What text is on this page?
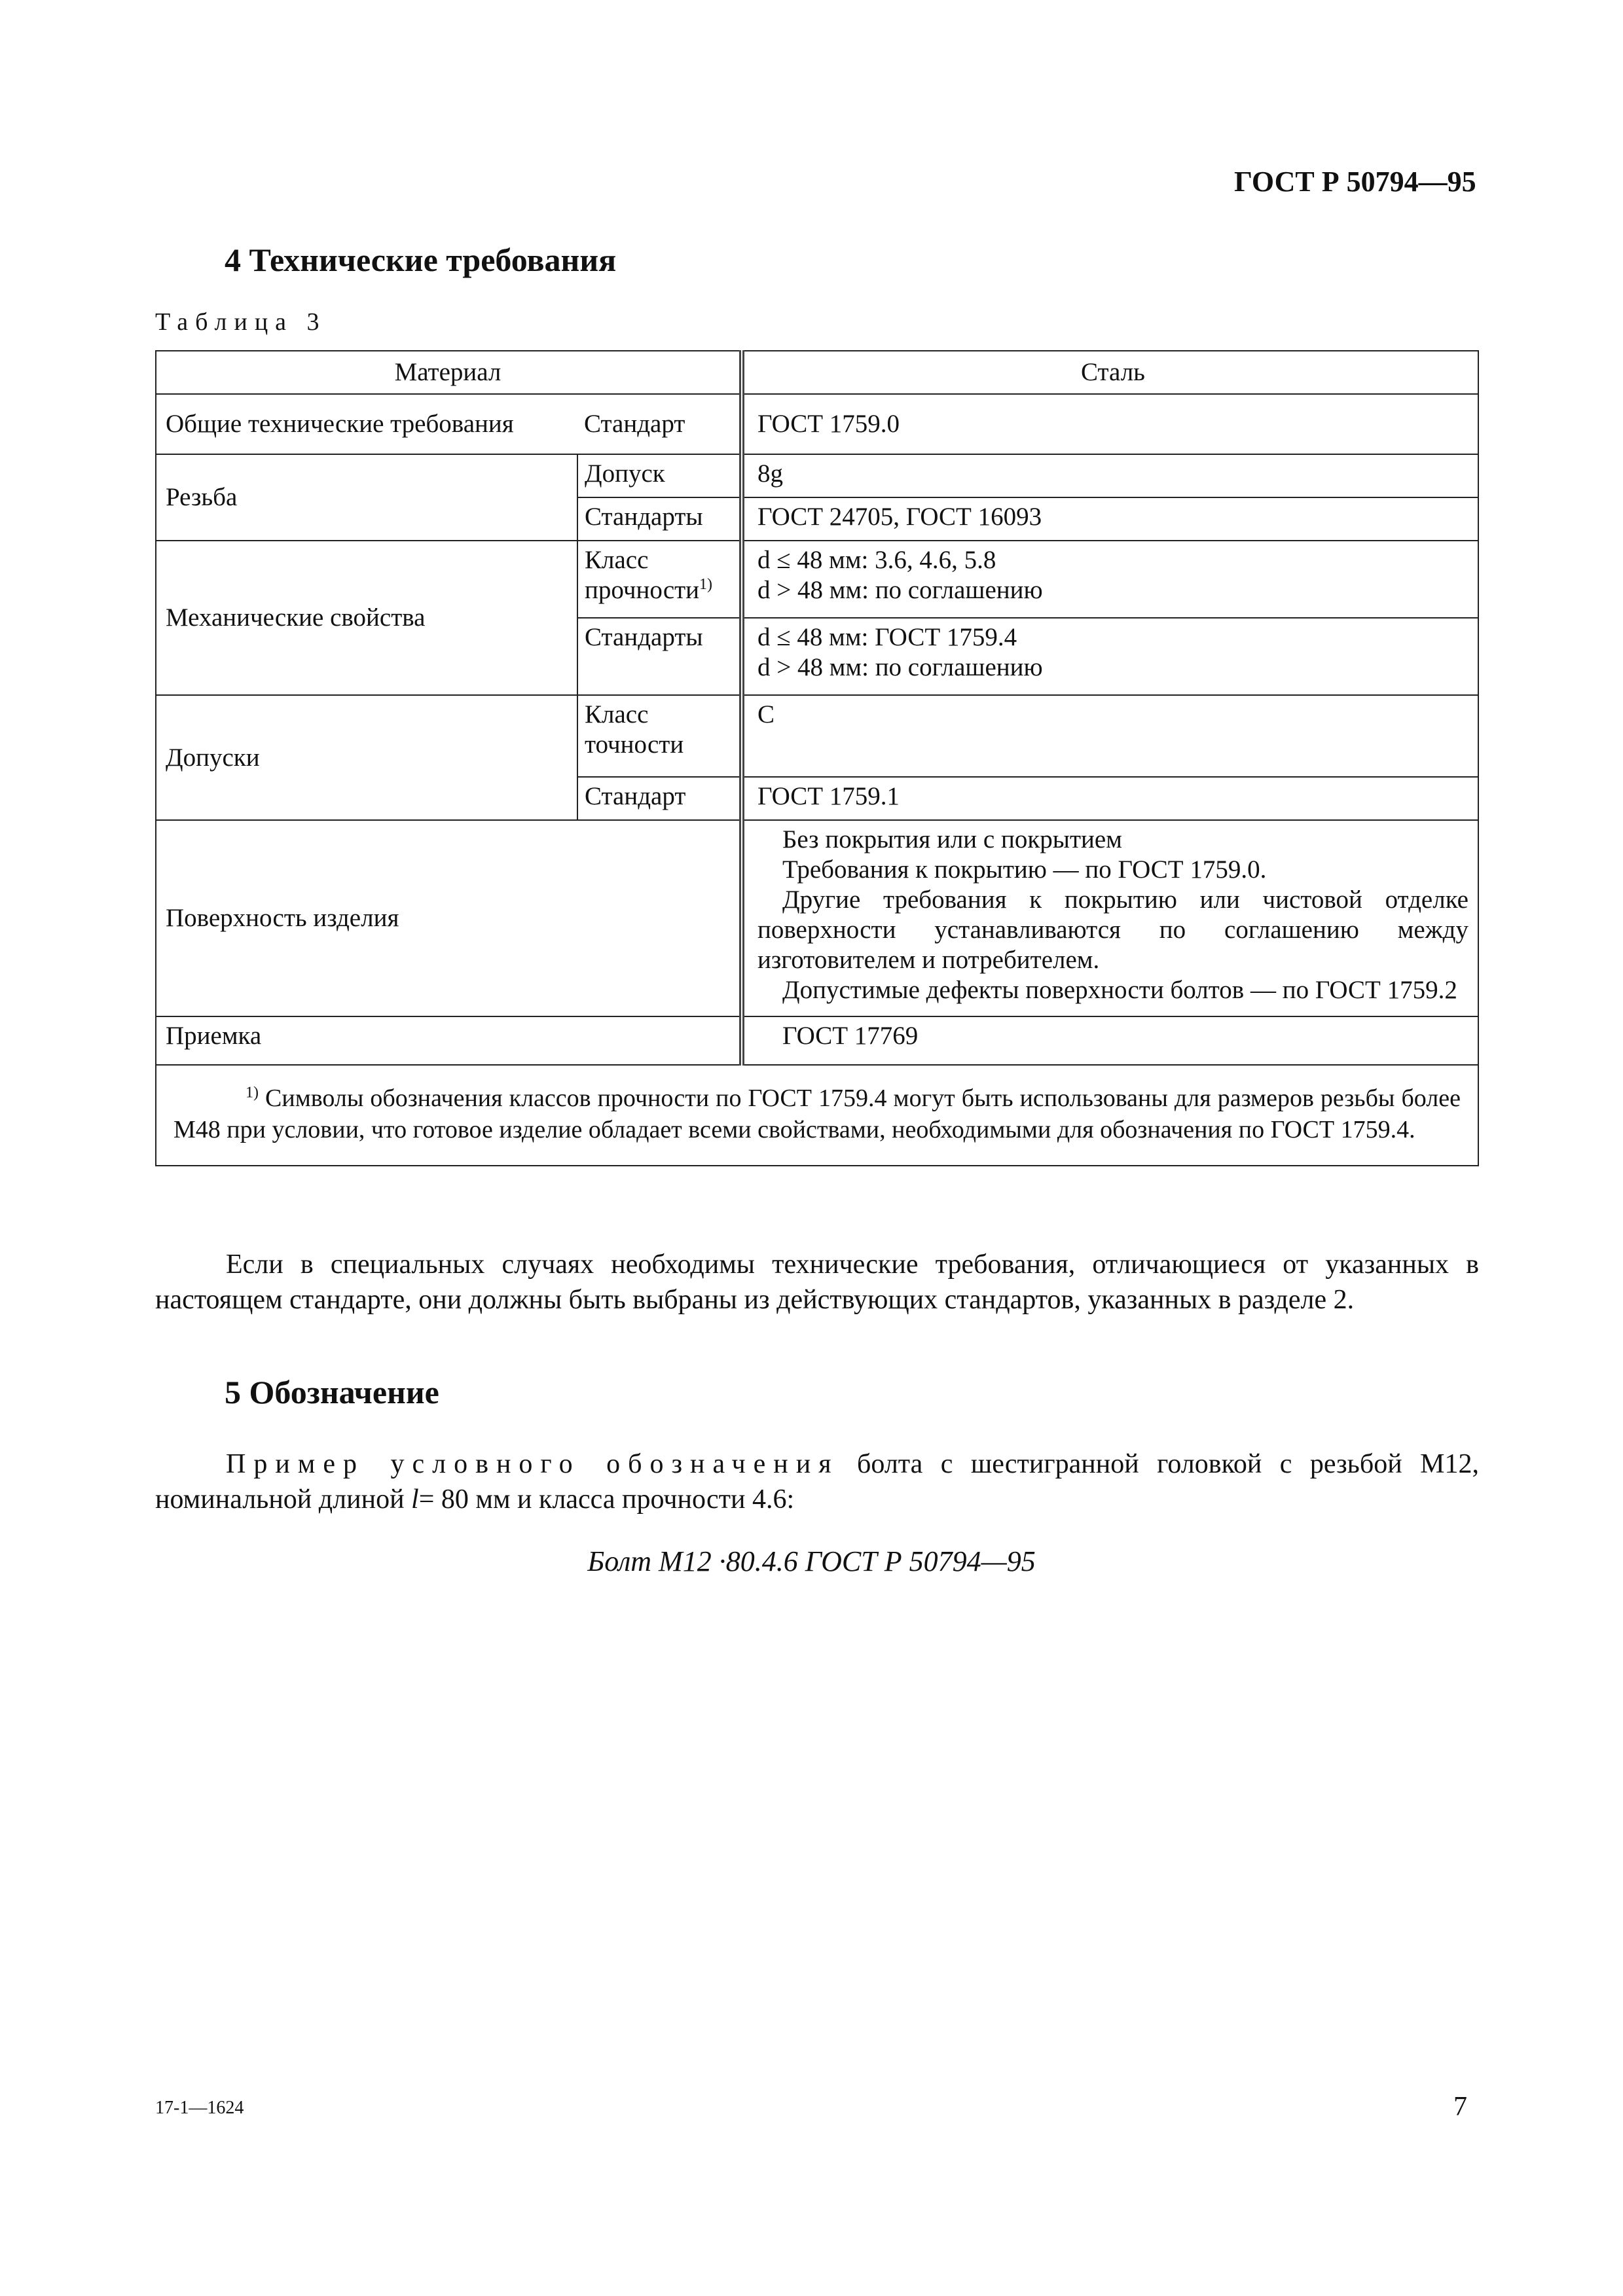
ГОСТ Р 50794—95
4 Технические требования
Таблица 3
Материал		Сталь
Общие технические требования	Стандарт	ГОСТ 1759.0
Резьба	Допуск	8g
	Стандарты	ГОСТ 24705, ГОСТ 16093
Механические свойства	Класс прочности$^{1)}$	d ≤ 48 мм: 3.6, 4.6, 5.8
d > 48 мм: по соглашению

	Стандарты	d ≤ 48 мм: ГОСТ 1759.4
d > 48 мм: по соглашению

Допуски	Класс точности	C
	Стандарт	ГОСТ 1759.1
Поверхность изделия		Без покрытия или с покрытием
Требования к покрытию — по ГОСТ 1759.0.
Другие требования к покрытию или чистовой отделке поверхности устанавливаются по соглашению между изготовителем и потребителем.
Допустимые дефекты поверхности болтов — по ГОСТ 1759.2

Приемка		ГОСТ 17769
$^{1)}$ Символы обозначения классов прочности по ГОСТ 1759.4 могут быть использованы для размеров резьбы более М48 при условии, что готовое изделие обладает всеми свойствами, необходимыми для обозначения по ГОСТ 1759.4.		
Если в специальных случаях необходимы технические требования, отличающиеся от указанных в настоящем стандарте, они должны быть выбраны из действующих стандартов, указанных в разделе 2.
5 Обозначение
Пример условного обозначения болта с шестигранной головкой с резьбой М12, номинальной длиной l= 80 мм и класса прочности 4.6:
Болт М12 ·80.4.6 ГОСТ Р 50794—95
17-1—1624	7
